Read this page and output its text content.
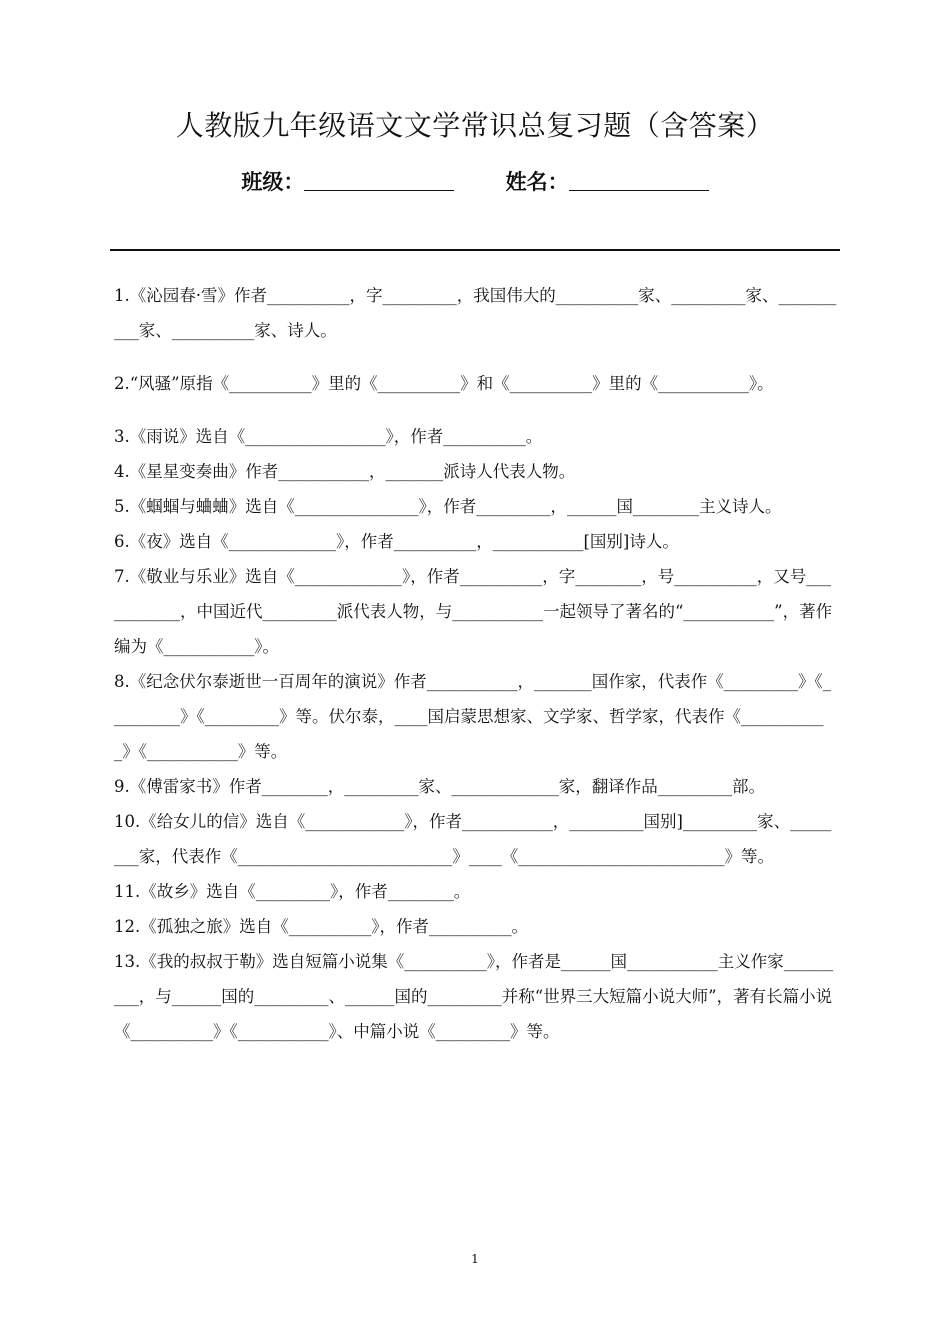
人教版九年级语文文学常识总复习题（含答案）
班级：	姓名：

1.《沁园春·雪》作者__________，字_________，我国伟大的__________家、_________家、__________家、__________家、诗人。

2.“风骚”原指《__________》里的《__________》和《__________》里的《___________》。

3.《雨说》选自《_________________》，作者__________。

4.《星星变奏曲》作者___________，_______派诗人代表人物。

5.《蝈蝈与蛐蛐》选自《_______________》，作者_________，______国________主义诗人。

6.《夜》选自《_____________》，作者__________，___________[国别]诗人。

7.《敬业与乐业》选自《_____________》，作者__________，字________，号__________，又号___________，中国近代_________派代表人物，与___________一起领导了著名的“___________”，著作编为《___________》。

8.《纪念伏尔泰逝世一百周年的演说》作者___________，_______国作家，代表作《_________》《_________》《_________》等。伏尔泰，____国启蒙思想家、文学家、哲学家，代表作《___________》《___________》等。

9.《傅雷家书》作者________，_________家、_____________家，翻译作品_________部。

10.《给女儿的信》选自《____________》，作者___________，_________国别]_________家、________家，代表作《__________________________》____《_________________________》等。

11.《故乡》选自《_________》，作者________。

12.《孤独之旅》选自《__________》，作者__________。

13.《我的叔叔于勒》选自短篇小说集《__________》，作者是______国___________主义作家_________，与______国的_________、______国的_________并称“世界三大短篇小说大师”，著有长篇小说《__________》《___________》、中篇小说《_________》等。

1
